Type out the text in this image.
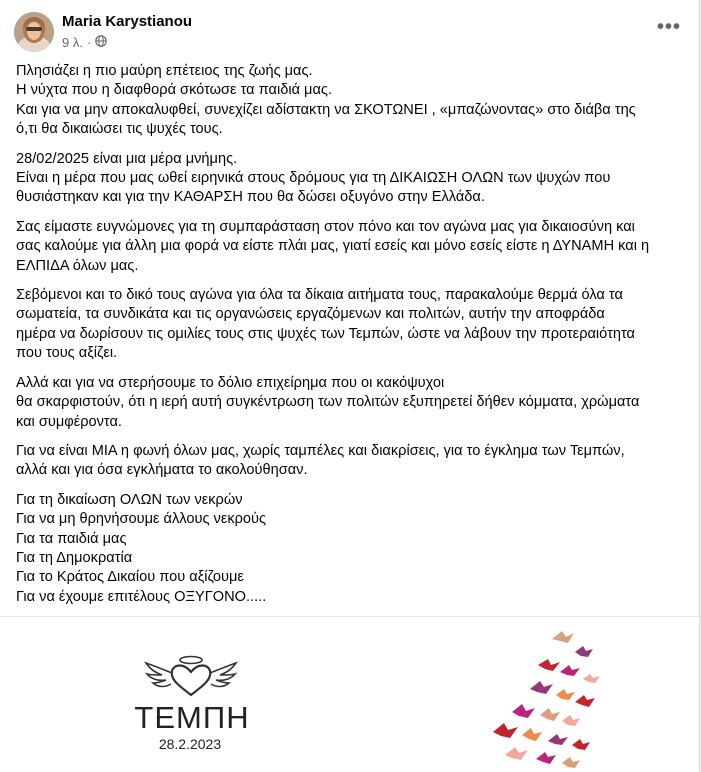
Maria Karystianou
9 λ. ·
•••

Πλησιάζει η πιο μαύρη επέτειος της ζωής μας.
Η νύχτα που η διαφθορά σκότωσε τα παιδιά μας.
Και για να μην αποκαλυφθεί, συνεχίζει αδίστακτη να ΣΚΟΤΩΝΕΙ , «μπαζώνοντας» στο διάβα της
ό,τι θα δικαιώσει τις ψυχές τους.

28/02/2025 είναι μια μέρα μνήμης.
Είναι η μέρα που μας ωθεί ειρηνικά στους δρόμους για τη ΔΙΚΑΙΩΣΗ ΟΛΩΝ των ψυχών που
θυσιάστηκαν και για την ΚΑΘΑΡΣΗ που θα δώσει οξυγόνο στην Ελλάδα.

Σας είμαστε ευγνώμονες για τη συμπαράσταση στον πόνο και τον αγώνα μας για δικαιοσύνη και
σας καλούμε για άλλη μια φορά να είστε πλάι μας, γιατί εσείς και μόνο εσείς είστε η ΔΥΝΑΜΗ και η
ΕΛΠΙΔΑ όλων μας.

Σεβόμενοι και το δικό τους αγώνα για όλα τα δίκαια αιτήματα τους, παρακαλούμε θερμά όλα τα
σωματεία, τα συνδικάτα και τις οργανώσεις εργαζόμενων και πολιτών, αυτήν την αποφράδα
ημέρα να δωρίσουν τις ομιλίες τους στις ψυχές των Τεμπών, ώστε να λάβουν την προτεραιότητα
που τους αξίζει.

Αλλά και για να στερήσουμε το δόλιο επιχείρημα που οι κακόψυχοι
θα σκαρφιστούν, ότι η ιερή αυτή συγκέντρωση των πολιτών εξυπηρετεί δήθεν κόμματα, χρώματα
και συμφέροντα.

Για να είναι ΜΙΑ η φωνή όλων μας, χωρίς ταμπέλες και διακρίσεις, για το έγκλημα των Τεμπών,
αλλά και για όσα εγκλήματα το ακολούθησαν.

Για τη δικαίωση ΟΛΩΝ των νεκρών
Για να μη θρηνήσουμε άλλους νεκρούς
Για τα παιδιά μας
Για τη Δημοκρατία
Για το Κράτος Δικαίου που αξίζουμε
Για να έχουμε επιτέλους ΟΞΥΓΟΝΟ.....

ΤΕΜΠΗ
28.2.2023
